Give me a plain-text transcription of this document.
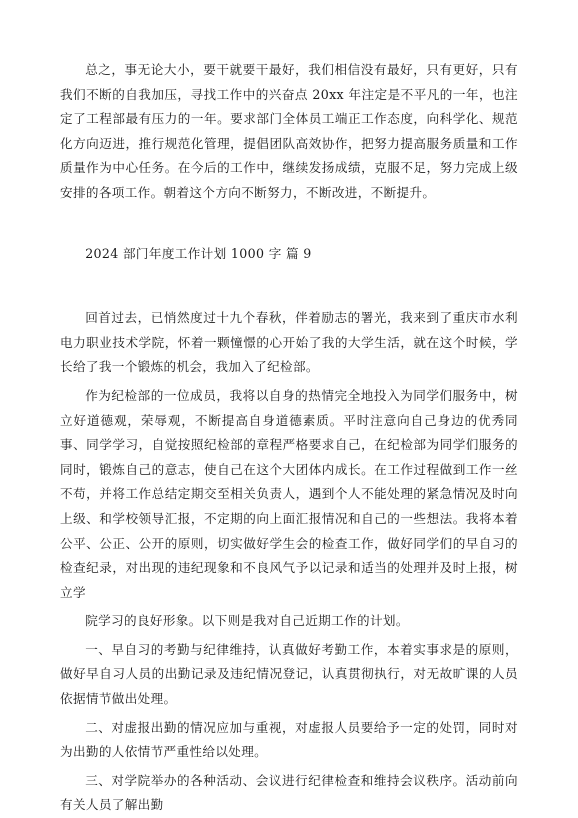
总之，事无论大小，要干就要干最好，我们相信没有最好，只有更好，只有我们不断的自我加压，寻找工作中的兴奋点 20xx 年注定是不平凡的一年，也注定了工程部最有压力的一年。要求部门全体员工端正工作态度，向科学化、规范化方向迈进，推行规范化管理，提倡团队高效协作，把努力提高服务质量和工作质量作为中心任务。在今后的工作中，继续发扬成绩，克服不足，努力完成上级安排的各项工作。朝着这个方向不断努力，不断改进，不断提升。

2024 部门年度工作计划 1000 字 篇 9

回首过去，已悄然度过十九个春秋，伴着励志的署光，我来到了重庆市水利电力职业技术学院，怀着一颗憧憬的心开始了我的大学生活，就在这个时候，学长给了我一个锻炼的机会，我加入了纪检部。

作为纪检部的一位成员，我将以自身的热情完全地投入为同学们服务中，树立好道德观，荣辱观，不断提高自身道德素质。平时注意向自己身边的优秀同事、同学学习，自觉按照纪检部的章程严格要求自己，在纪检部为同学们服务的同时，锻炼自己的意志，使自己在这个大团体内成长。在工作过程做到工作一丝不苟，并将工作总结定期交至相关负责人，遇到个人不能处理的紧急情况及时向上级、和学校领导汇报，不定期的向上面汇报情况和自己的一些想法。我将本着公平、公正、公开的原则，切实做好学生会的检查工作，做好同学们的早自习的检查纪录，对出现的违纪现象和不良风气予以记录和适当的处理并及时上报，树立学

院学习的良好形象。以下则是我对自己近期工作的计划。

一、早自习的考勤与纪律维持，认真做好考勤工作，本着实事求是的原则，做好早自习人员的出勤记录及违纪情况登记，认真贯彻执行，对无故旷课的人员依据情节做出处理。

二、对虚报出勤的情况应加与重视，对虚报人员要给予一定的处罚，同时对为出勤的人依情节严重性给以处理。

三、对学院举办的各种活动、会议进行纪律检查和维持会议秩序。活动前向有关人员了解出勤
